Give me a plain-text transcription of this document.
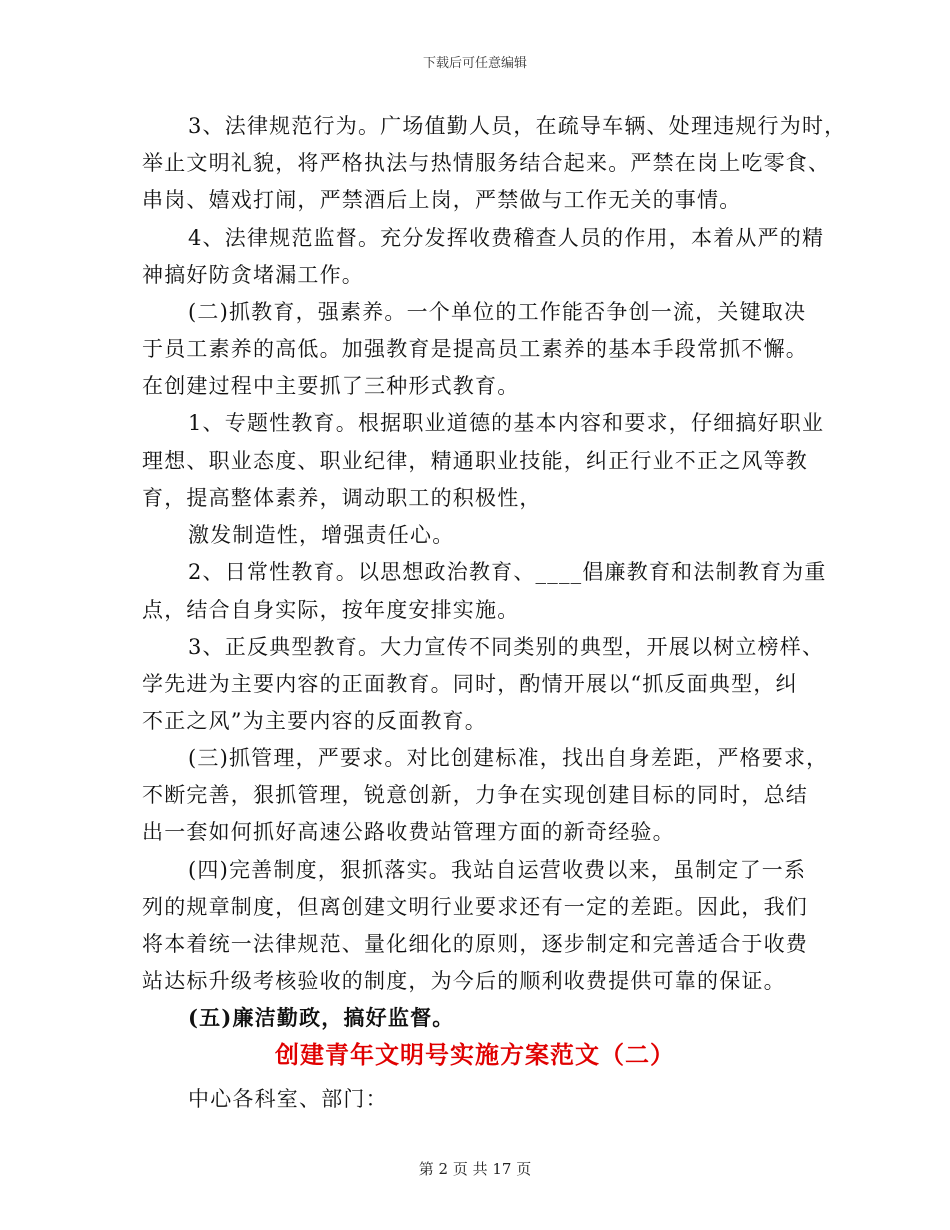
下载后可任意编辑
3、法律规范行为。广场值勤人员，在疏导车辆、处理违规行为时，
举止文明礼貌，将严格执法与热情服务结合起来。严禁在岗上吃零食、
串岗、嬉戏打闹，严禁酒后上岗，严禁做与工作无关的事情。
4、法律规范监督。充分发挥收费稽查人员的作用，本着从严的精
神搞好防贪堵漏工作。
(二)抓教育，强素养。一个单位的工作能否争创一流，关键取决
于员工素养的高低。加强教育是提高员工素养的基本手段常抓不懈。
在创建过程中主要抓了三种形式教育。
1、专题性教育。根据职业道德的基本内容和要求，仔细搞好职业
理想、职业态度、职业纪律，精通职业技能，纠正行业不正之风等教
育，提高整体素养，调动职工的积极性，
激发制造性，增强责任心。
2、日常性教育。以思想政治教育、____倡廉教育和法制教育为重
点，结合自身实际，按年度安排实施。
3、正反典型教育。大力宣传不同类别的典型，开展以树立榜样、
学先进为主要内容的正面教育。同时，酌情开展以“抓反面典型，纠
不正之风”为主要内容的反面教育。
(三)抓管理，严要求。对比创建标准，找出自身差距，严格要求，
不断完善，狠抓管理，锐意创新，力争在实现创建目标的同时，总结
出一套如何抓好高速公路收费站管理方面的新奇经验。
(四)完善制度，狠抓落实。我站自运营收费以来，虽制定了一系
列的规章制度，但离创建文明行业要求还有一定的差距。因此，我们
将本着统一法律规范、量化细化的原则，逐步制定和完善适合于收费
站达标升级考核验收的制度，为今后的顺利收费提供可靠的保证。
(五)廉洁勤政，搞好监督。
创建青年文明号实施方案范文（二）
中心各科室、部门：
第 2 页 共 17 页
